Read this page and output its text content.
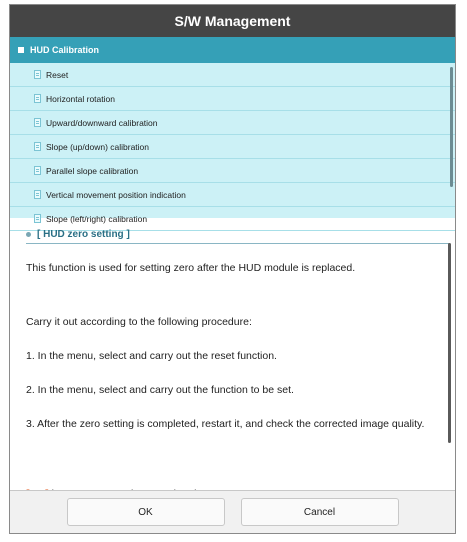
S/W Management
HUD Calibration
Reset
Horizontal rotation
Upward/downward calibration
Slope (up/down) calibration
Parallel slope calibration
Vertical movement position indication
Slope (left/right) calibration
[ HUD zero setting ]

This function is used for setting zero after the HUD module is replaced.

Carry it out according to the following procedure:

1. In the menu, select and carry out the reset function.

2. In the menu, select and carry out the function to be set.

3. After the zero setting is completed, restart it, and check the corrected image quality.

OK	Cancel
